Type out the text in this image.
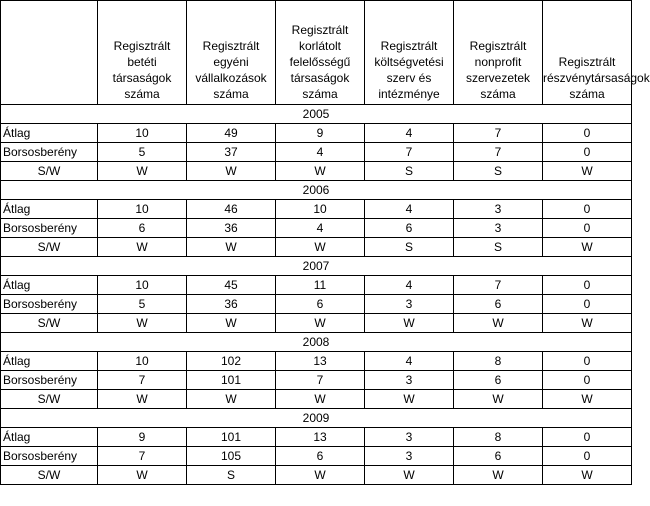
	Regisztrált betéti társaságok száma	Regisztrált egyéni vállalkozások száma	Regisztrált korlátolt felelősségű társaságok száma	Regisztrált költségvetési szerv és intézménye	Regisztrált nonprofit szervezetek száma	Regisztrált részvénytársaságok száma
2005						
Átlag	10	49	9	4	7	0
Borsosberény	5	37	4	7	7	0
S/W	W	W	W	S	S	W
2006						
Átlag	10	46	10	4	3	0
Borsosberény	6	36	4	6	3	0
S/W	W	W	W	S	S	W
2007						
Átlag	10	45	11	4	7	0
Borsosberény	5	36	6	3	6	0
S/W	W	W	W	W	W	W
2008						
Átlag	10	102	13	4	8	0
Borsosberény	7	101	7	3	6	0
S/W	W	W	W	W	W	W
2009						
Átlag	9	101	13	3	8	0
Borsosberény	7	105	6	3	6	0
S/W	W	S	W	W	W	W
